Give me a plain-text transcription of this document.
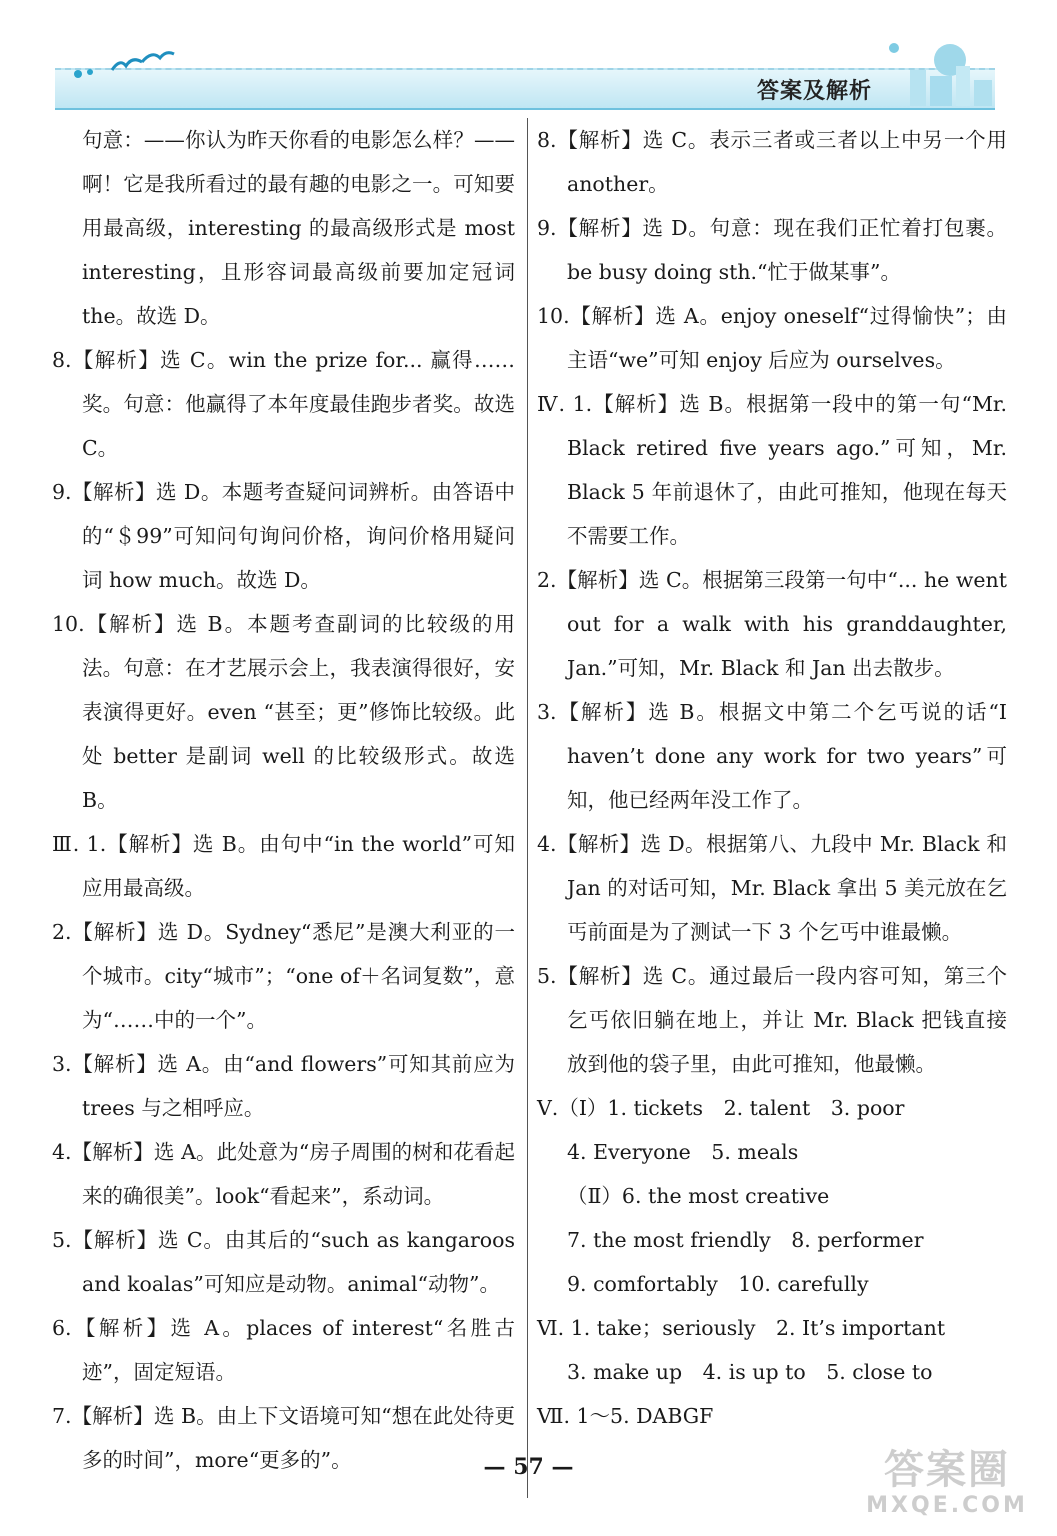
答案及解析

句意：——你认为昨天你看的电影怎么样？——啊！它是我所看过的最有趣的电影之一。可知要用最高级，interesting 的最高级形式是 most interesting，且形容词最高级前要加定冠词 the。故选 D。

8.【解析】选 C。win the prize for... 赢得……奖。句意：他赢得了本年度最佳跑步者奖。故选 C。

9.【解析】选 D。本题考查疑问词辨析。由答语中的“＄99”可知问句询问价格，询问价格用疑问词 how much。故选 D。

10.【解析】选 B。本题考查副词的比较级的用法。句意：在才艺展示会上，我表演得很好，安表演得更好。even “甚至；更”修饰比较级。此处 better 是副词 well 的比较级形式。故选 B。

Ⅲ. 1.【解析】选 B。由句中“in the world”可知应用最高级。

2.【解析】选 D。Sydney“悉尼”是澳大利亚的一个城市。city“城市”；“one of＋名词复数”，意为“……中的一个”。

3.【解析】选 A。由“and flowers”可知其前应为 trees 与之相呼应。

4.【解析】选 A。此处意为“房子周围的树和花看起来的确很美”。look“看起来”，系动词。

5.【解析】选 C。由其后的“such as kangaroos and koalas”可知应是动物。animal“动物”。

6.【解析】选 A。places of interest“名胜古迹”，固定短语。

7.【解析】选 B。由上下文语境可知“想在此处待更多的时间”，more“更多的”。

8.【解析】选 C。表示三者或三者以上中另一个用 another。

9.【解析】选 D。句意：现在我们正忙着打包裹。be busy doing sth.“忙于做某事”。

10.【解析】选 A。enjoy oneself“过得愉快”；由主语“we”可知 enjoy 后应为 ourselves。

Ⅳ. 1.【解析】选 B。根据第一段中的第一句“Mr. Black retired five years ago.”可知，Mr. Black 5 年前退休了，由此可推知，他现在每天不需要工作。

2.【解析】选 C。根据第三段第一句中“... he went out for a walk with his granddaughter, Jan.”可知，Mr. Black 和 Jan 出去散步。

3.【解析】选 B。根据文中第二个乞丐说的话“I haven’t done any work for two years”可知，他已经两年没工作了。

4.【解析】选 D。根据第八、九段中 Mr. Black 和 Jan 的对话可知，Mr. Black 拿出 5 美元放在乞丐前面是为了测试一下 3 个乞丐中谁最懒。

5.【解析】选 C。通过最后一段内容可知，第三个乞丐依旧躺在地上，并让 Mr. Black 把钱直接放到他的袋子里，由此可推知，他最懒。

Ⅴ.（Ⅰ）1. tickets　2. talent　3. poor

4. Everyone　5. meals

（Ⅱ）6. the most creative

7. the most friendly　8. performer

9. comfortably　10. carefully

Ⅵ. 1. take；seriously　2. It’s important

3. make up　4. is up to　5. close to

Ⅶ. 1～5. DABGF

— 57 —	答案圈
MXQE.COM
